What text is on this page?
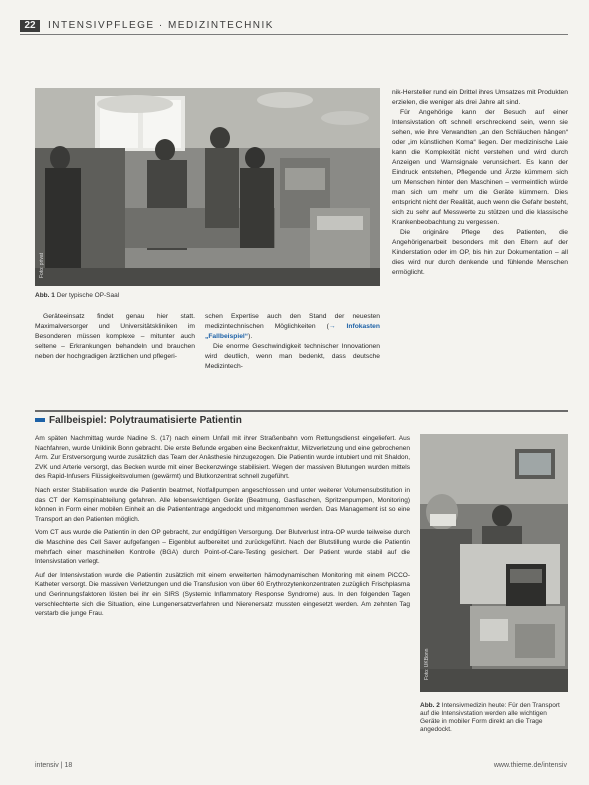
22	INTENSIVPFLEGE · MEDIZINTECHNIK
Foto: privat
Abb. 1 Der typische OP-Saal

Geräteeinsatz findet genau hier statt. Maximalversorger und Universitätskliniken im Besonderen müssen komplexe – mitunter auch seltene – Erkrankungen behandeln und brauchen neben der hochgradigen ärztlichen und pflegeri-

schen Expertise auch den Stand der neuesten medizintechnischen Möglichkeiten (→ Infokasten „Fallbeispiel“).

Die enorme Geschwindigkeit technischer Innovationen wird deutlich, wenn man bedenkt, dass deutsche Medizintech-

nik-Hersteller rund ein Drittel ihres Umsatzes mit Produkten erzielen, die weniger als drei Jahre alt sind.

Für Angehörige kann der Besuch auf einer Intensivstation oft schnell erschreckend sein, wenn sie sehen, wie ihre Verwandten „an den Schläuchen hängen“ oder „im künstlichen Koma“ liegen. Der medizinische Laie kann die Komplexität nicht verstehen und wird durch Anzeigen und Warnsignale verunsichert. Es kann der Eindruck entstehen, Pflegende und Ärzte kümmern sich um Menschen hinter den Maschinen – vermeintlich würde man sich um mehr um die Geräte kümmern. Dies entspricht nicht der Realität, auch wenn die Gefahr besteht, sich zu sehr auf Messwerte zu stützen und die klassische Krankenbeobachtung zu vergessen.

Die originäre Pflege des Patienten, die Angehörigenarbeit besonders mit den Eltern auf der Kinderstation oder im OP, bis hin zur Dokumentation – all dies wird nur durch denkende und fühlende Menschen ermöglicht.

Fallbeispiel: Polytraumatisierte Patientin

Am späten Nachmittag wurde Nadine S. (17) nach einem Unfall mit ihrer Straßenbahn vom Rettungsdienst eingeliefert. Aus Nachfahren, wurde Uniklinik Bonn gebracht. Die erste Befunde ergaben eine Beckenfraktur, Milzverletzung und eine gebrochenen Arm. Zur Erstversorgung wurde zusätzlich das Team der Anästhesie hinzugezogen. Die Patientin wurde intubiert und mit Shaldon, ZVK und Arterie versorgt, das Becken wurde mit einer Beckenzwinge stabilisiert. Wegen der massiven Blutungen wurden mittels des Rapid-Infusers Flüssigkeitsvolumen (gewärmt) und Blutkonzentrat schnell zugeführt.

Nach erster Stabilisation wurde die Patientin beatmet, Notfallpumpen angeschlossen und unter weiterer Volumensubstitution in das CT der Kernspinabteilung gefahren. Alle lebenswichtigen Geräte (Beatmung, Gasflaschen, Spritzenpumpen, Monitoring) können in Form einer mobilen Einheit an die Patiententrage angedockt und mitgenommen werden. Das Management ist so eine Transport an den Patienten möglich.

Vom CT aus wurde die Patientin in den OP gebracht, zur endgültigen Versorgung. Der Blutverlust intra-OP wurde teilweise durch die Maschine des Cell Saver aufgefangen – Eigenblut aufbereitet und zurückgeführt. Nach der Blutstillung wurde die Patientin mehrfach einer maschinellen Kontrolle (BGA) durch Point-of-Care-Testing gesichert. Der Patient wurde stabil auf die Intensivstation verlegt.

Auf der Intensivstation wurde die Patientin zusätzlich mit einem erweiterten hämodynamischen Monitoring mit einem PiCCO-Katheter versorgt. Die massiven Verletzungen und die Transfusion von über 60 Erythrozytenkonzentraten zuzüglich Frischplasma und Gerinnungsfaktoren lösten bei ihr ein SIRS (Systemic Inflammatory Response Syndrome) aus. In den folgenden Tagen verschlechterte sich die Situation, eine Lungenersatzverfahren und Nierenersatz mussten eingesetzt werden. Am zehnten Tag verstarb die junge Frau.

Foto: UKBonn
Abb. 2 Intensivmedizin heute: Für den Transport auf die Intensivstation werden alle wichtigen Geräte in mobiler Form direkt an die Trage angedockt.
intensiv | 18	www.thieme.de/intensiv
